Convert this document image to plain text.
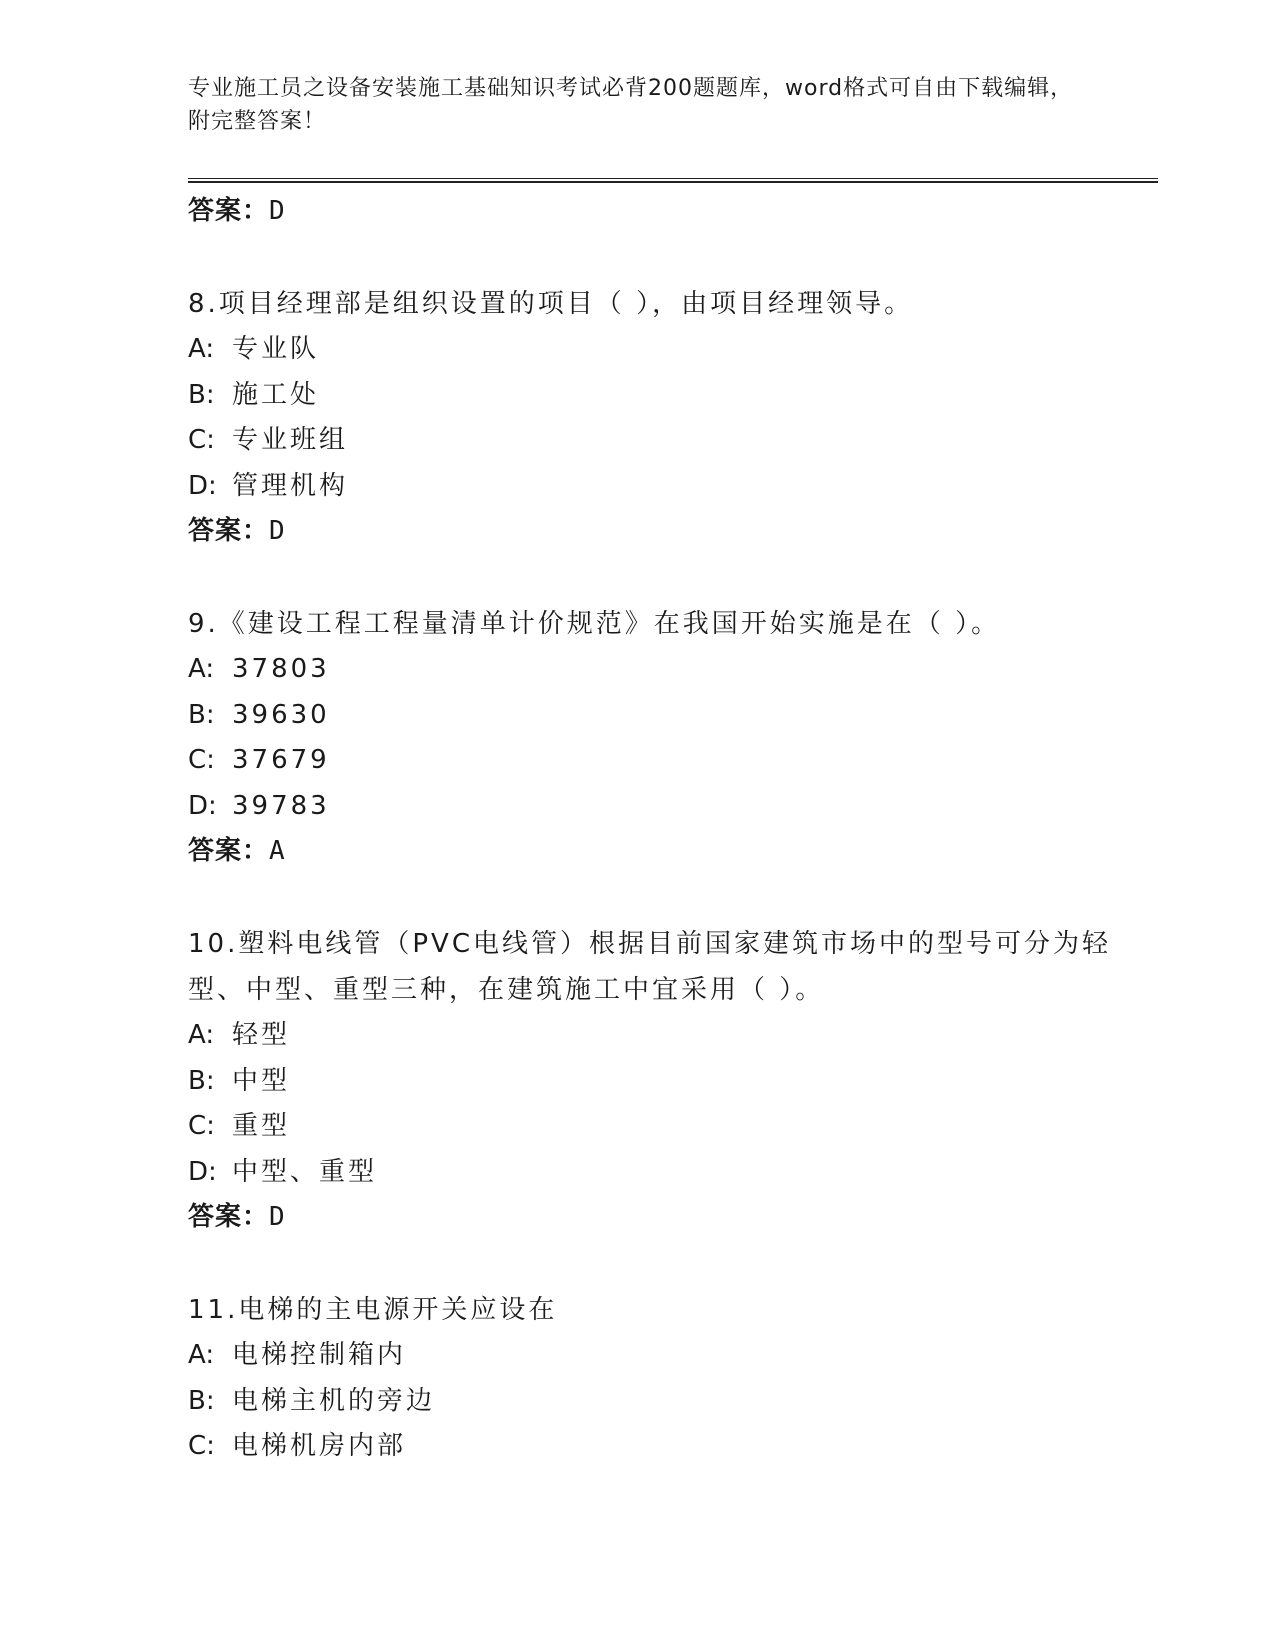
专业施工员之设备安装施工基础知识考试必背200题题库，word格式可自由下载编辑，附完整答案！

答案：D

8.项目经理部是组织设置的项目（ ），由项目经理领导。

A: 专业队

B: 施工处

C: 专业班组

D: 管理机构

答案：D

9.《建设工程工程量清单计价规范》在我国开始实施是在（ ）。

A: 37803

B: 39630

C: 37679

D: 39783

答案：A

10.塑料电线管（PVC电线管）根据目前国家建筑市场中的型号可分为轻型、中型、重型三种，在建筑施工中宜采用（ ）。

A: 轻型

B: 中型

C: 重型

D: 中型、重型

答案：D

11.电梯的主电源开关应设在

A: 电梯控制箱内

B: 电梯主机的旁边

C: 电梯机房内部
